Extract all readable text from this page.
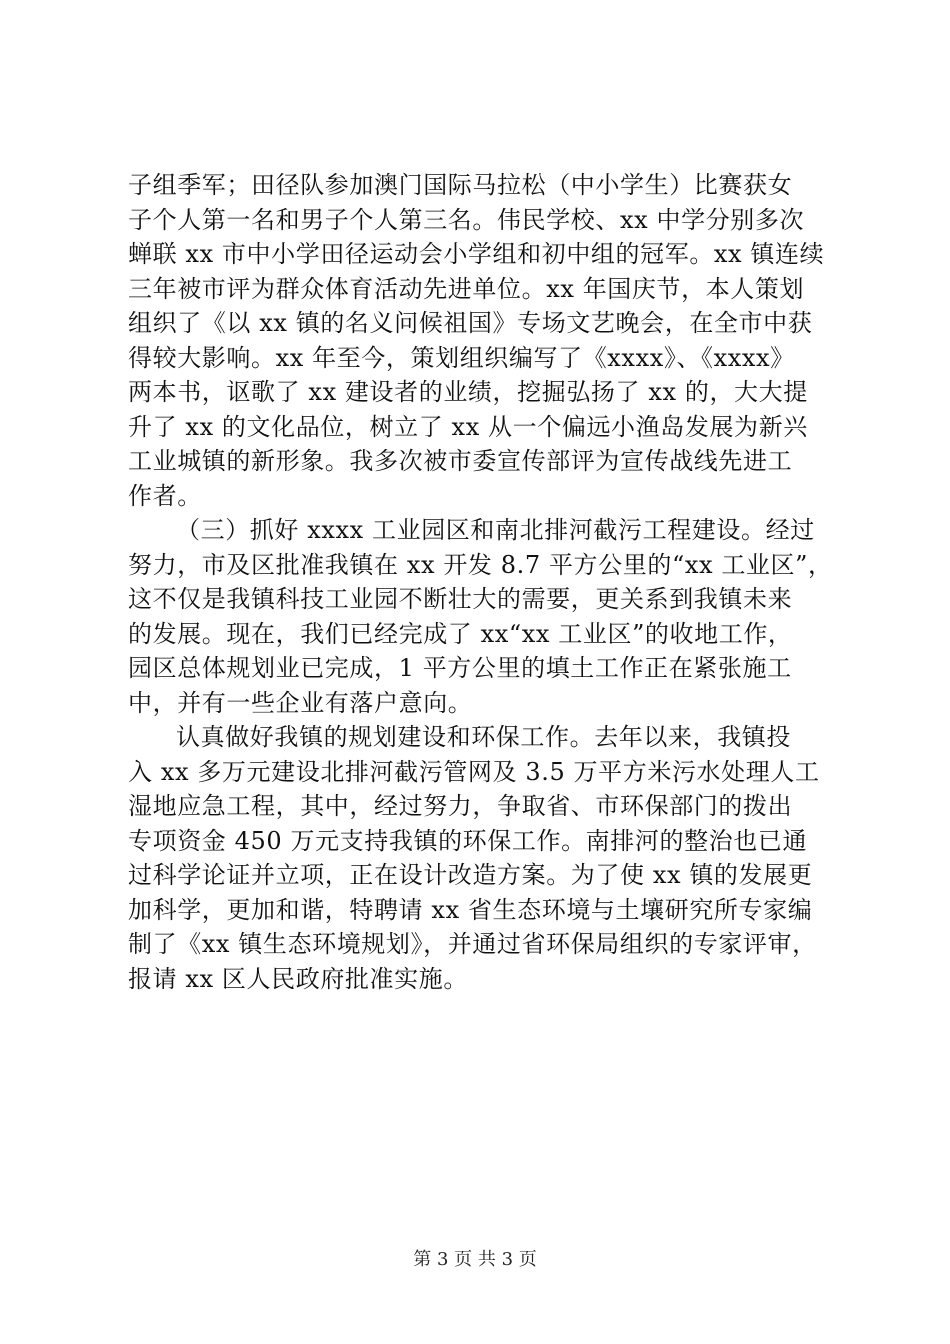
子组季军；田径队参加澳门国际马拉松（中小学生）比赛获女
子个人第一名和男子个人第三名。伟民学校、xx 中学分别多次
蝉联 xx 市中小学田径运动会小学组和初中组的冠军。xx 镇连续
三年被市评为群众体育活动先进单位。xx 年国庆节，本人策划
组织了《以 xx 镇的名义问候祖国》专场文艺晚会，在全市中获
得较大影响。xx 年至今，策划组织编写了《xxxx》、《xxxx》
两本书，讴歌了 xx 建设者的业绩，挖掘弘扬了 xx 的，大大提
升了 xx 的文化品位，树立了 xx 从一个偏远小渔岛发展为新兴
工业城镇的新形象。我多次被市委宣传部评为宣传战线先进工
作者。
（三）抓好 xxxx 工业园区和南北排河截污工程建设。经过
努力，市及区批准我镇在 xx 开发 8.7 平方公里的“xx 工业区”，
这不仅是我镇科技工业园不断壮大的需要，更关系到我镇未来
的发展。现在，我们已经完成了 xx“xx 工业区”的收地工作，
园区总体规划业已完成，1 平方公里的填土工作正在紧张施工
中，并有一些企业有落户意向。
认真做好我镇的规划建设和环保工作。去年以来，我镇投
入 xx 多万元建设北排河截污管网及 3.5 万平方米污水处理人工
湿地应急工程，其中，经过努力，争取省、市环保部门的拨出
专项资金 450 万元支持我镇的环保工作。南排河的整治也已通
过科学论证并立项，正在设计改造方案。为了使 xx 镇的发展更
加科学，更加和谐，特聘请 xx 省生态环境与土壤研究所专家编
制了《xx 镇生态环境规划》，并通过省环保局组织的专家评审，
报请 xx 区人民政府批准实施。
第 3 页 共 3 页
